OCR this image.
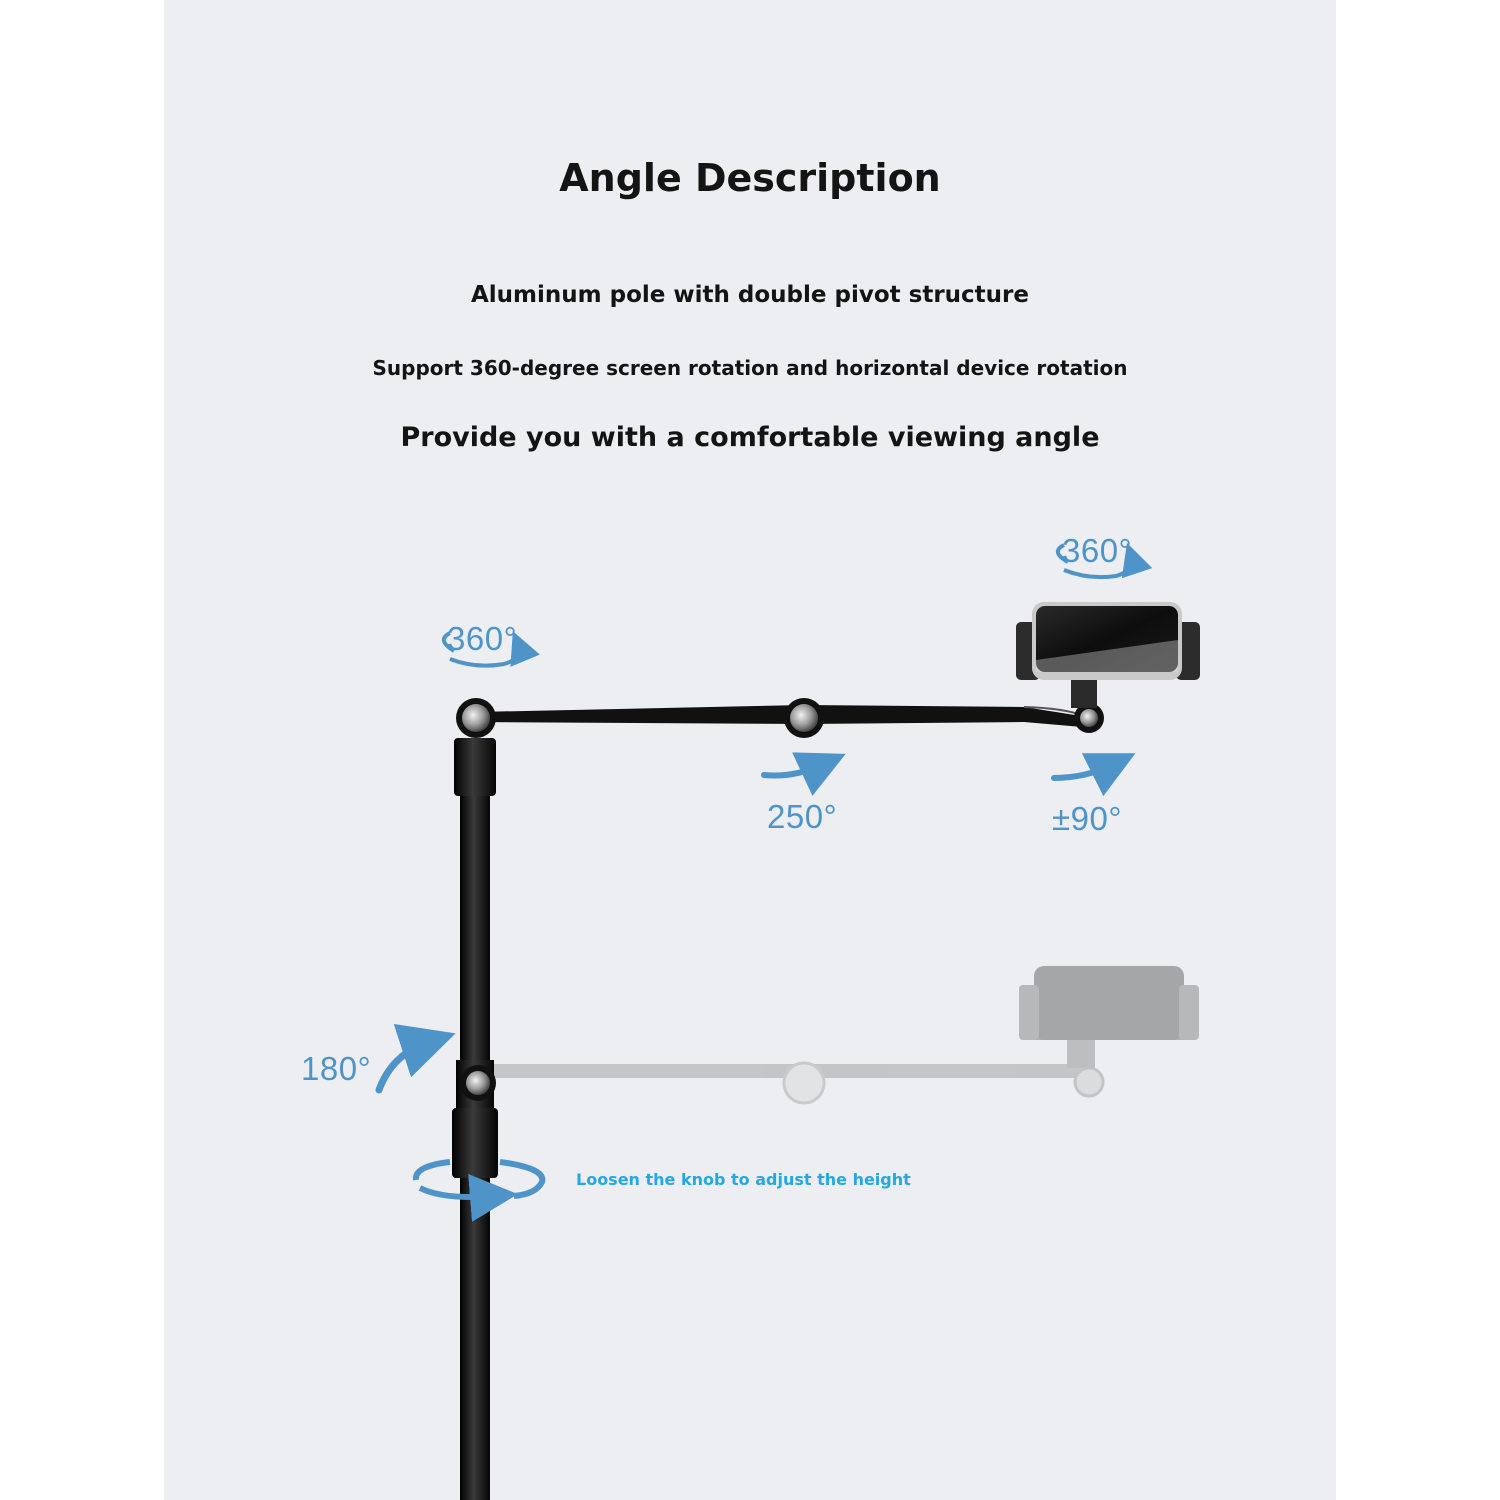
Angle Description

Aluminum pole with double pivot structure

Support 360-degree screen rotation and horizontal device rotation

Provide you with a comfortable viewing angle

360°
360°
250°	±90°
180°
Loosen the knob to adjust the height
